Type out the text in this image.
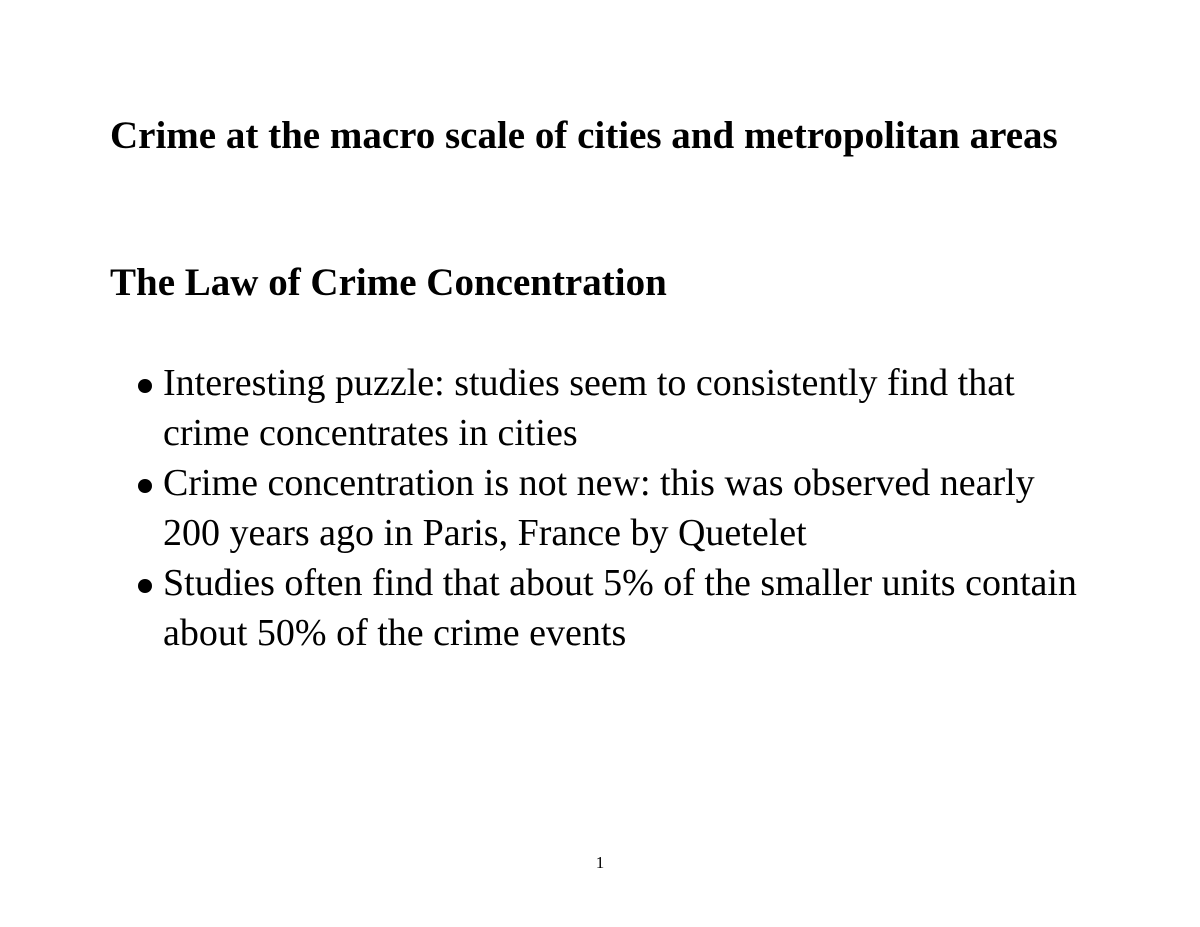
Crime at the macro scale of cities and metropolitan areas
The Law of Crime Concentration
Interesting puzzle: studies seem to consistently find that crime concentrates in cities
Crime concentration is not new: this was observed nearly 200 years ago in Paris, France by Quetelet
Studies often find that about 5% of the smaller units contain about 50% of the crime events
1
